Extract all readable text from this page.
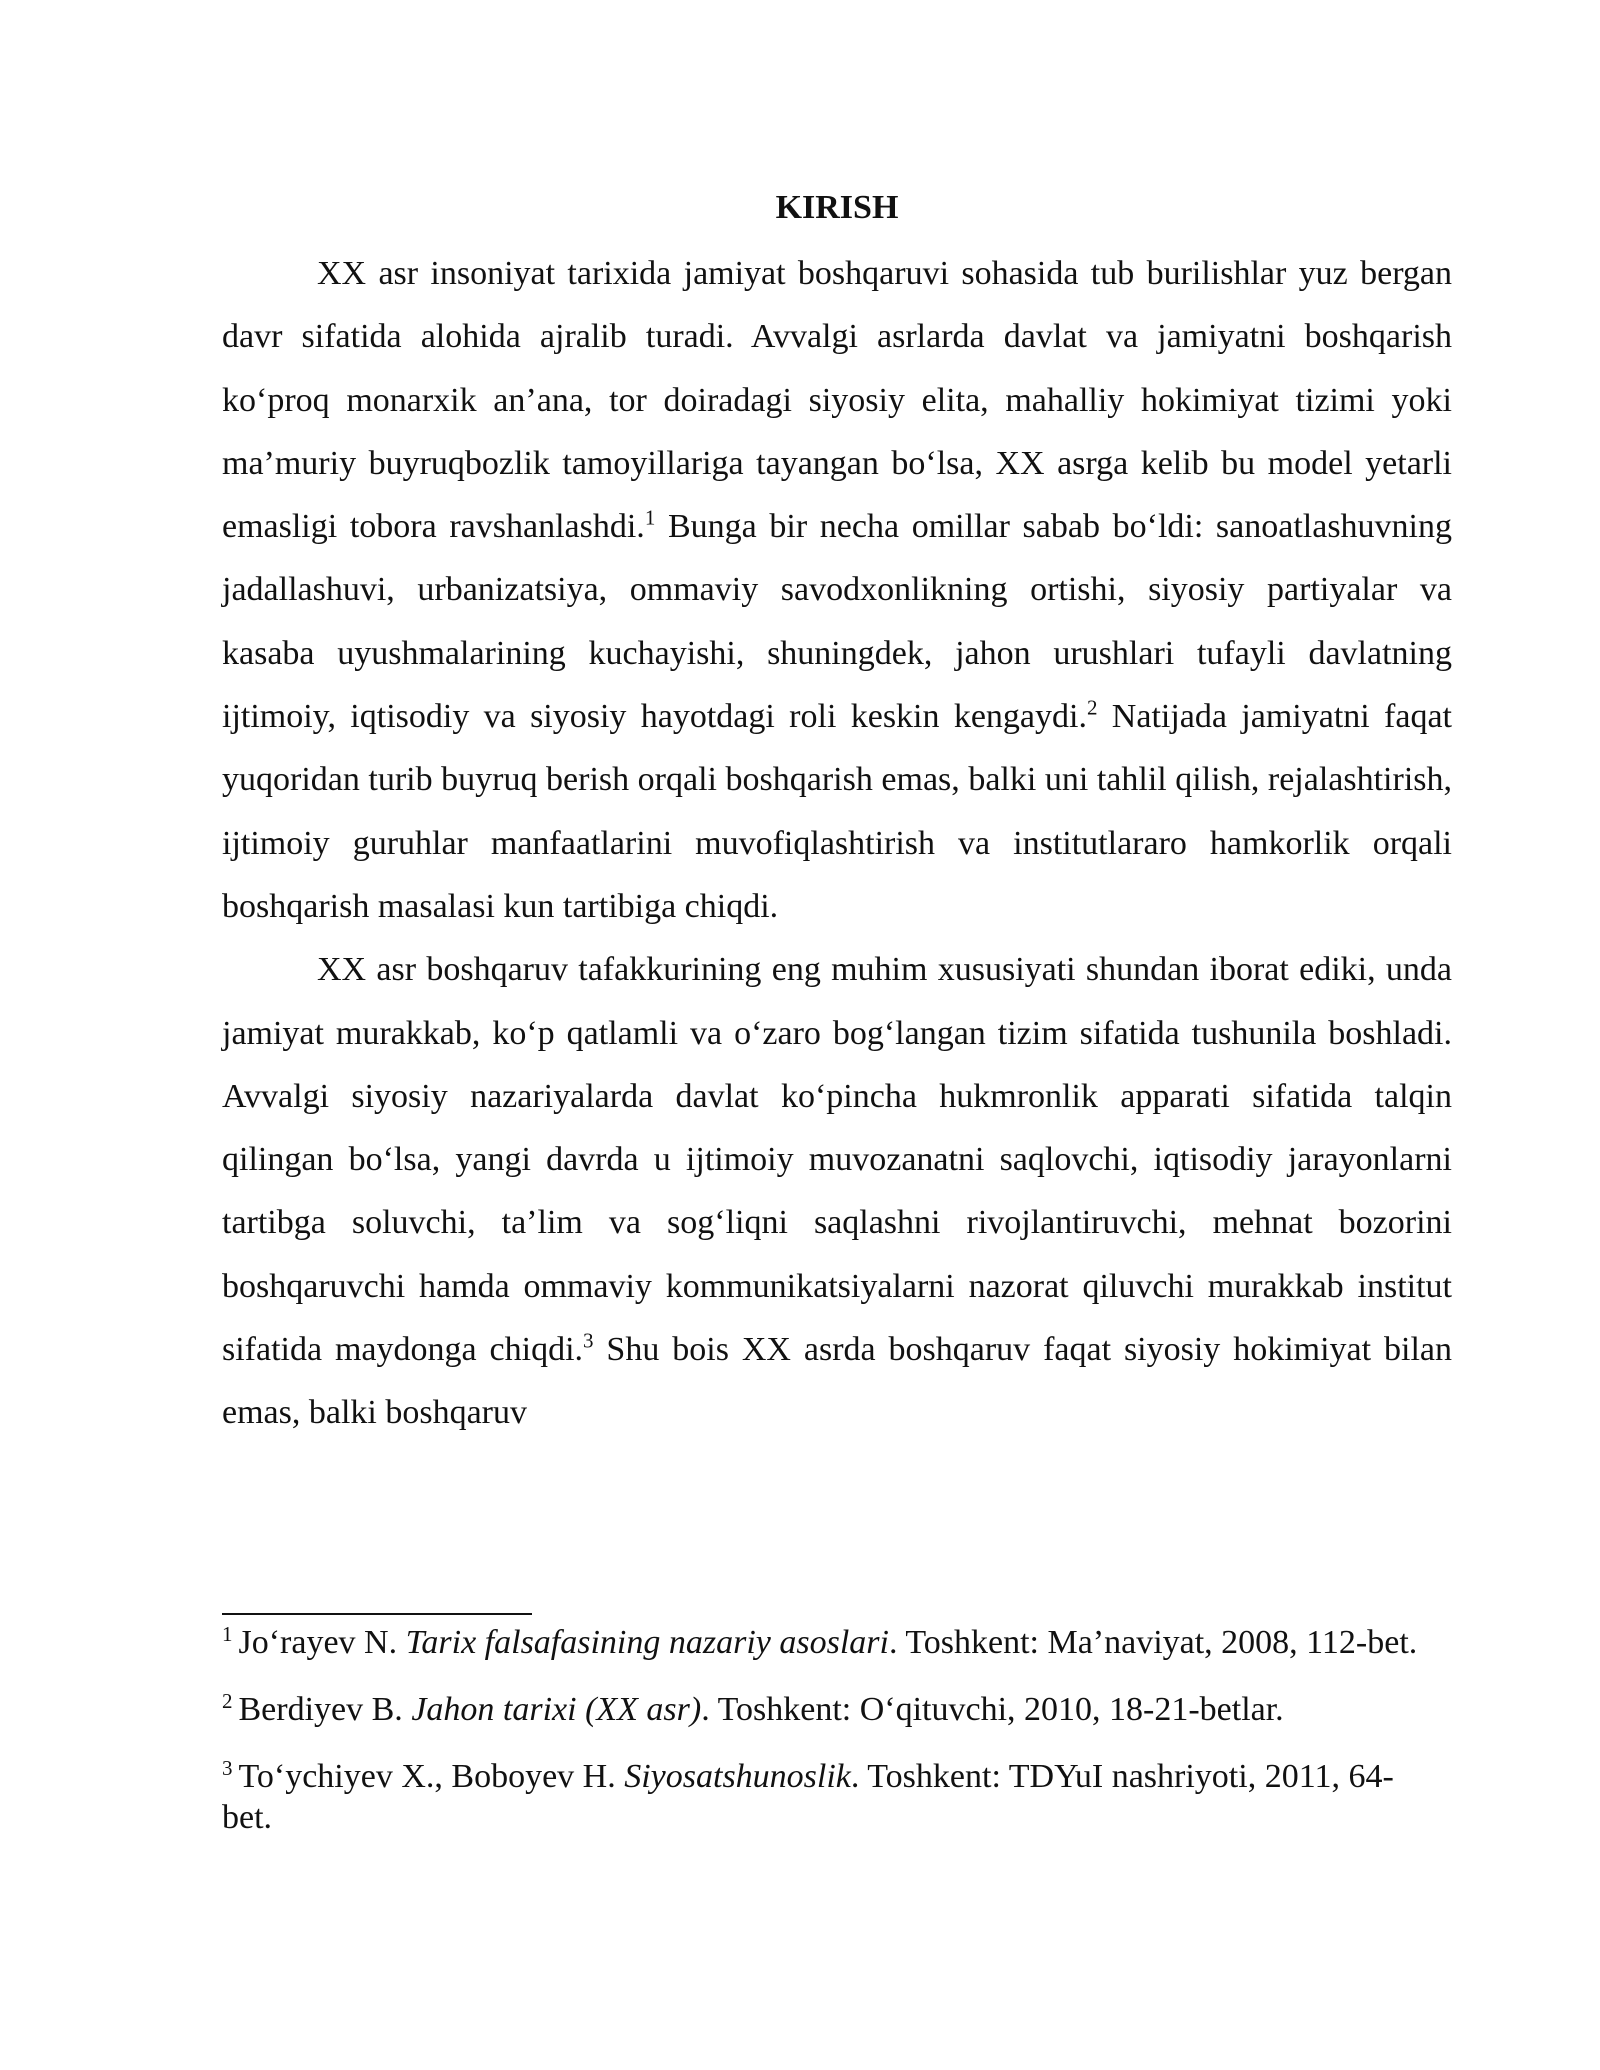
KIRISH

XX asr insoniyat tarixida jamiyat boshqaruvi sohasida tub burilishlar yuz bergan davr sifatida alohida ajralib turadi. Avvalgi asrlarda davlat va jamiyatni boshqarish ko‘proq monarxik an’ana, tor doiradagi siyosiy elita, mahalliy hokimiyat tizimi yoki ma’muriy buyruqbozlik tamoyillariga tayangan bo‘lsa, XX asrga kelib bu model yetarli emasligi tobora ravshanlashdi.$^1$ Bunga bir necha omillar sabab bo‘ldi: sanoatlashuvning jadallashuvi, urbanizatsiya, ommaviy savodxonlikning ortishi, siyosiy partiyalar va kasaba uyushmalarining kuchayishi, shuningdek, jahon urushlari tufayli davlatning ijtimoiy, iqtisodiy va siyosiy hayotdagi roli keskin kengaydi.$^2$ Natijada jamiyatni faqat yuqoridan turib buyruq berish orqali boshqarish emas, balki uni tahlil qilish, rejalashtirish, ijtimoiy guruhlar manfaatlarini muvofiqlashtirish va institutlararo hamkorlik orqali boshqarish masalasi kun tartibiga chiqdi.

XX asr boshqaruv tafakkurining eng muhim xususiyati shundan iborat ediki, unda jamiyat murakkab, ko‘p qatlamli va o‘zaro bog‘langan tizim sifatida tushunila boshladi. Avvalgi siyosiy nazariyalarda davlat ko‘pincha hukmronlik apparati sifatida talqin qilingan bo‘lsa, yangi davrda u ijtimoiy muvozanatni saqlovchi, iqtisodiy jarayonlarni tartibga soluvchi, ta’lim va sog‘liqni saqlashni rivojlantiruvchi, mehnat bozorini boshqaruvchi hamda ommaviy kommunikatsiyalarni nazorat qiluvchi murakkab institut sifatida maydonga chiqdi.$^3$ Shu bois XX asrda boshqaruv faqat siyosiy hokimiyat bilan emas, balki boshqaruv

$^1$ Jo‘rayev N. Tarix falsafasining nazariy asoslari. Toshkent: Ma’naviyat, 2008, 112-bet.

$^2$ Berdiyev B. Jahon tarixi (XX asr). Toshkent: O‘qituvchi, 2010, 18-21-betlar.

$^3$ To‘ychiyev X., Boboyev H. Siyosatshunoslik. Toshkent: TDYuI nashriyoti, 2011, 64-bet.
